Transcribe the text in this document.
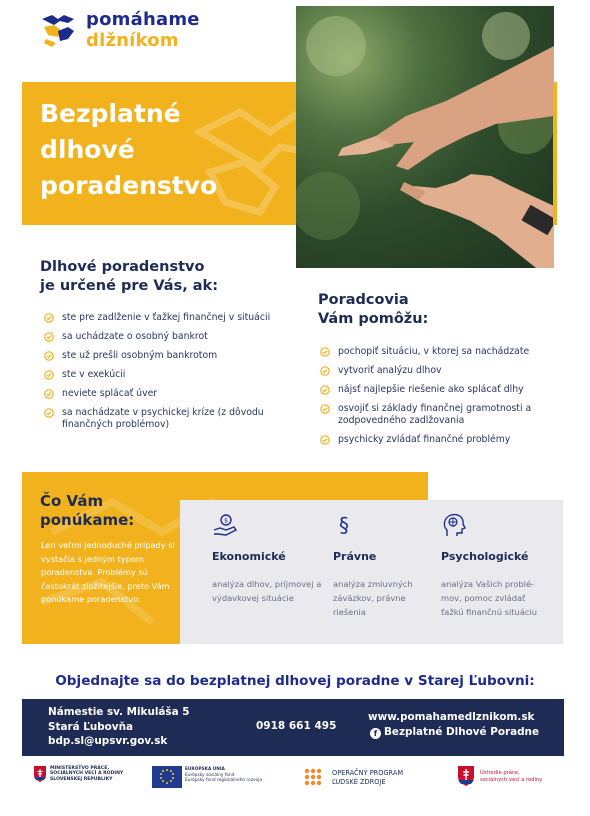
pomáhame
dlžníkom
Bezplatné
dlhové
poradenstvo
Dlhové poradenstvo
je určené pre Vás, ak:
ste pre zadlženie v ťažkej finančnej v situácii
sa uchádzate o osobný bankrot
ste už prešli osobným bankrotom
ste v exekúcii
neviete splácať úver
sa nachádzate v psychickej kríze (z dôvodu finančných problémov)
Poradcovia
Vám pomôžu:
pochopiť situáciu, v ktorej sa nachádzate
vytvoriť analýzu dlhov
nájsť najlepšie riešenie ako splácať dlhy
osvojiť si základy finančnej gramotnosti a zodpovedného zadlžovania
psychicky zvládať finančné problémy
Čo Vám
ponúkame:
Len veľmi jednoduché prípady si vystačia s jedným typom poradenstva. Problémy sú častokrát zložitejšie, preto Vám ponúkame poradenstvo:
$
Ekonomické
analýza dlhov, príjmovej a výdavkovej situácie
§
Právne
analýza zmluvných záväzkov, právne riešenia
Psychologické
analýza Vašich problé-mov, pomoc zvládať ťažkú finančnú situáciu
Objednajte sa do bezplatnej dlhovej poradne v Starej Ľubovni:
Námestie sv. Mikuláša 5
Stará Ľubovňa
bdp.sl@upsvr.gov.sk
0918 661 495
www.pomahamedlznikom.sk
f Bezplatné Dlhové Poradne
MINISTERSTVO PRÁCE, SOCIÁLNYCH VECÍ A RODINY SLOVENSKEJ REPUBLIKY
EURÓPSKA ÚNIA
Európsky sociálny fond
Európsky fond regionálneho rozvoja
OPERAČNÝ PROGRAM
ĽUDSKÉ ZDROJE
Ústredie práce,
sociálnych vecí a rodiny
